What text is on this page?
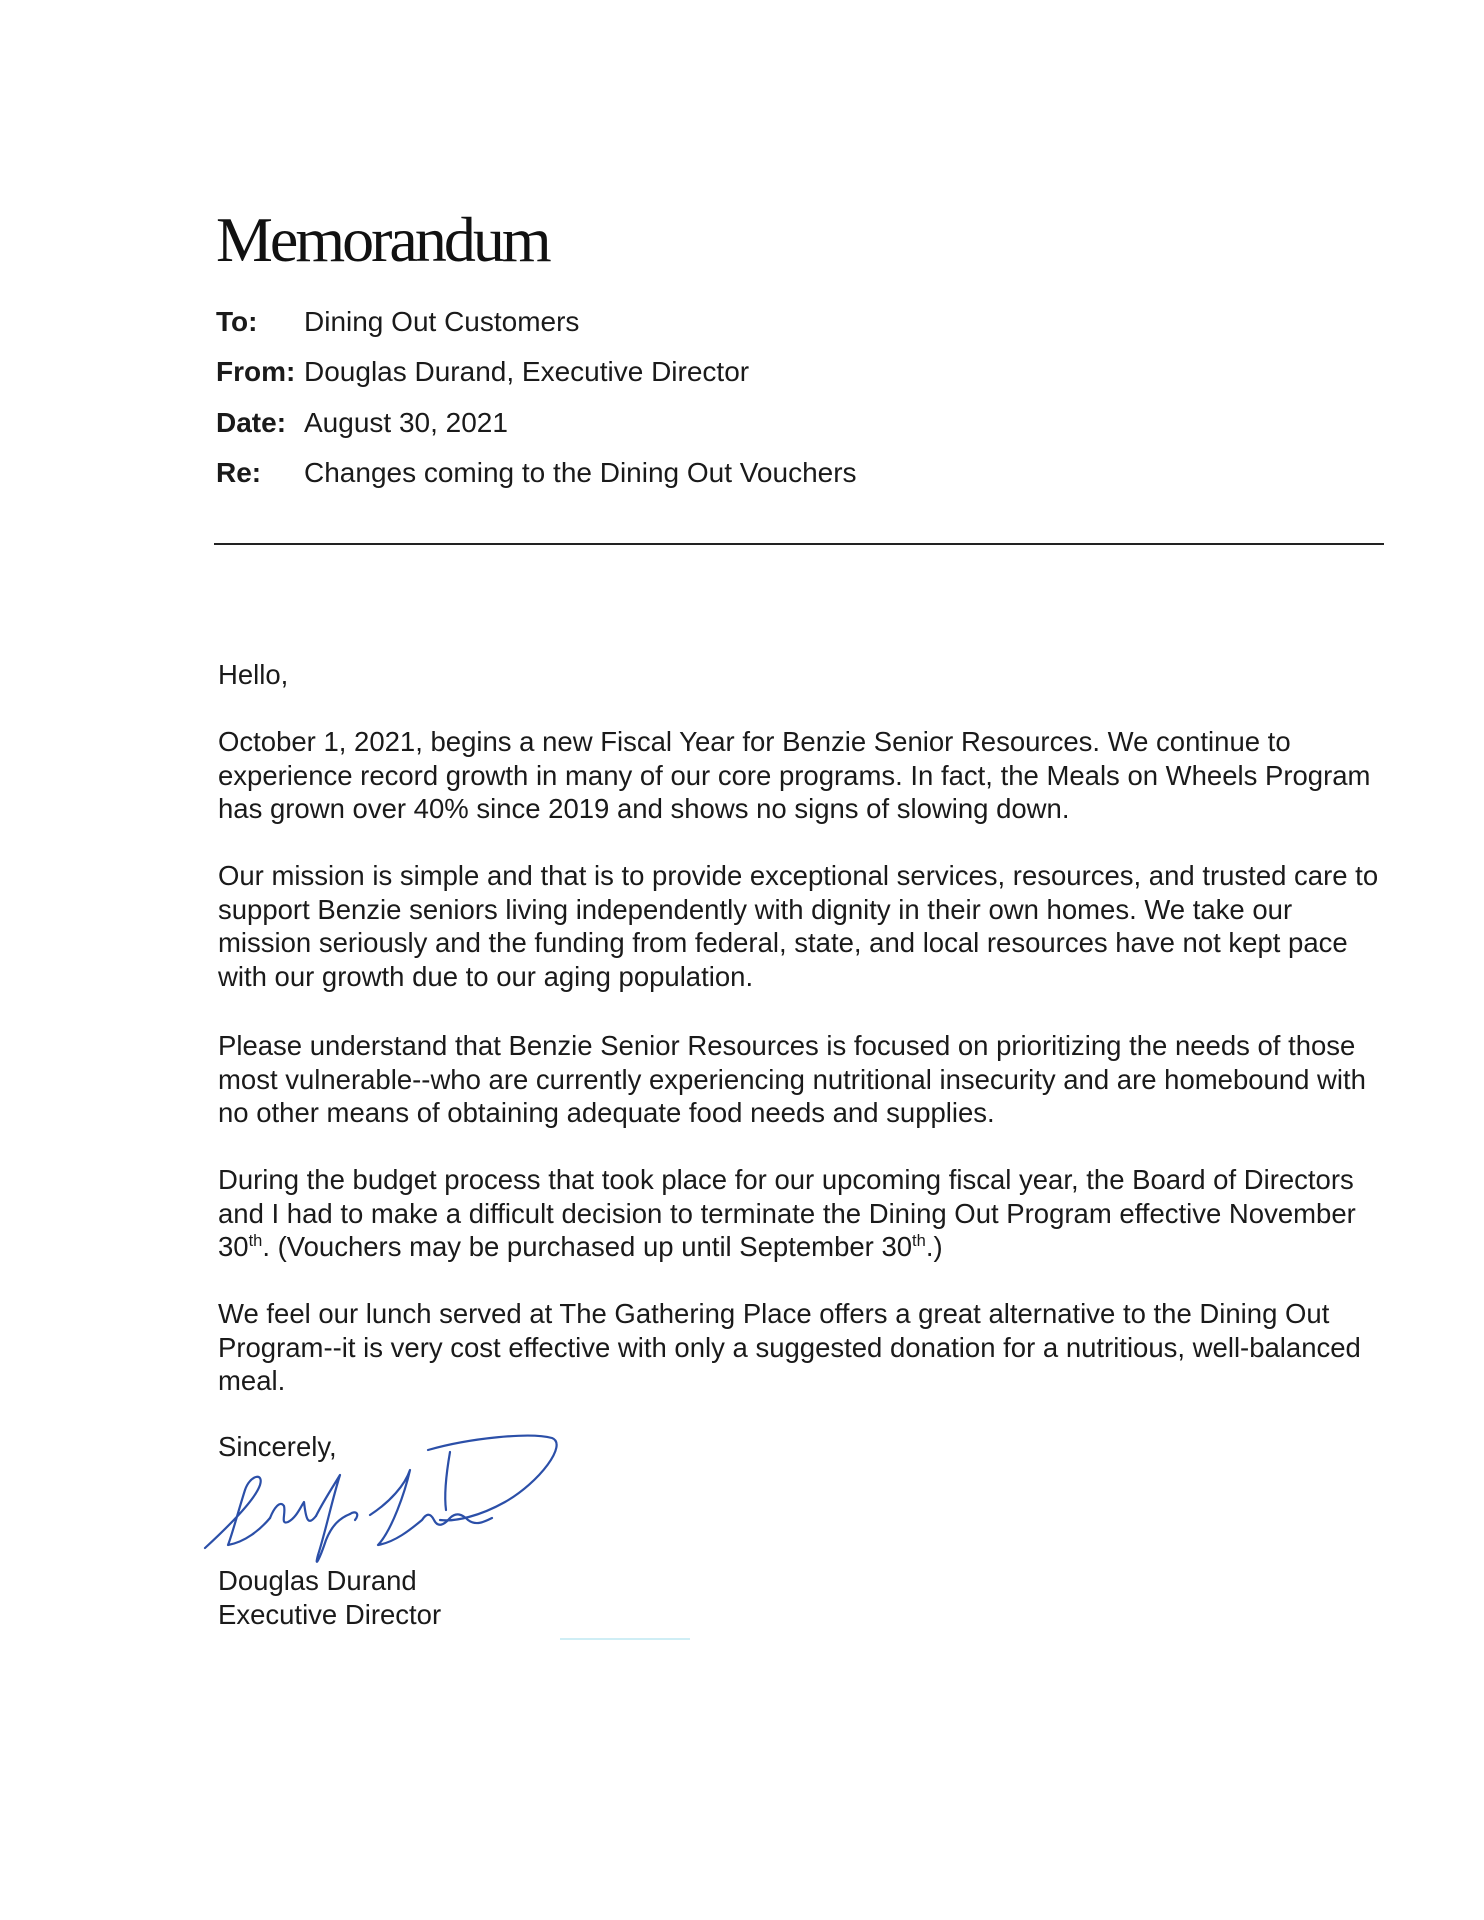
Memorandum
To: Dining Out Customers
From: Douglas Durand, Executive Director
Date: August 30, 2021
Re: Changes coming to the Dining Out Vouchers

Hello,

October 1, 2021, begins a new Fiscal Year for Benzie Senior Resources. We continue to experience record growth in many of our core programs. In fact, the Meals on Wheels Program has grown over 40% since 2019 and shows no signs of slowing down.

Our mission is simple and that is to provide exceptional services, resources, and trusted care to support Benzie seniors living independently with dignity in their own homes. We take our mission seriously and the funding from federal, state, and local resources have not kept pace with our growth due to our aging population.

Please understand that Benzie Senior Resources is focused on prioritizing the needs of those most vulnerable--who are currently experiencing nutritional insecurity and are homebound with no other means of obtaining adequate food needs and supplies.

During the budget process that took place for our upcoming fiscal year, the Board of Directors and I had to make a difficult decision to terminate the Dining Out Program effective November 30th. (Vouchers may be purchased up until September 30th.)

We feel our lunch served at The Gathering Place offers a great alternative to the Dining Out Program--it is very cost effective with only a suggested donation for a nutritious, well-balanced meal.

Sincerely,

Douglas Durand

Executive Director
